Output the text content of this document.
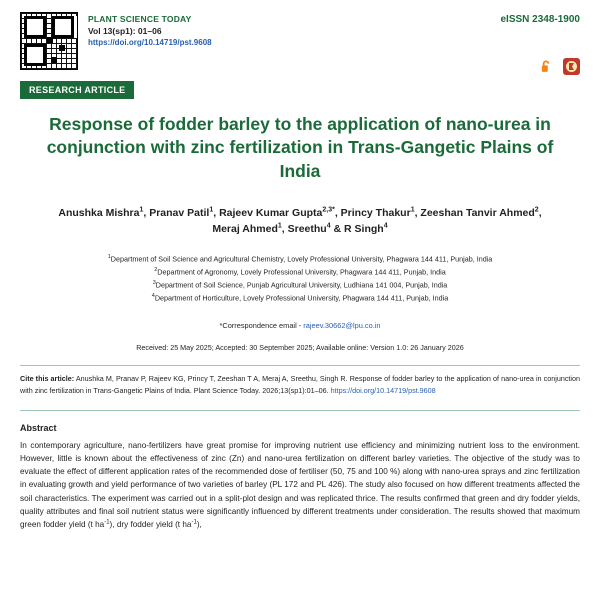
PLANT SCIENCE TODAY
Vol 13(sp1): 01–06
https://doi.org/10.14719/pst.9608
eISSN 2348-1900
RESEARCH ARTICLE
Response of fodder barley to the application of nano-urea in conjunction with zinc fertilization in Trans-Gangetic Plains of India
Anushka Mishra$^1$, Pranav Patil$^1$, Rajeev Kumar Gupta$^{2,3*}$, Princy Thakur$^1$, Zeeshan Tanvir Ahmed$^2$, Meraj Ahmed$^1$, Sreethu$^4$ & R Singh$^4$
$^1$Department of Soil Science and Agricultural Chemistry, Lovely Professional University, Phagwara 144 411, Punjab, India
$^2$Department of Agronomy, Lovely Professional University, Phagwara 144 411, Punjab, India
$^3$Department of Soil Science, Punjab Agricultural University, Ludhiana 141 004, Punjab, India
$^4$Department of Horticulture, Lovely Professional University, Phagwara 144 411, Punjab, India
*Correspondence email - rajeev.30662@lpu.co.in
Received: 25 May 2025; Accepted: 30 September 2025; Available online: Version 1.0: 26 January 2026
Cite this article: Anushka M, Pranav P, Rajeev KG, Princy T, Zeeshan T A, Meraj A, Sreethu, Singh R. Response of fodder barley to the application of nano-urea in conjunction with zinc fertilization in Trans-Gangetic Plains of India. Plant Science Today. 2026;13(sp1):01–06. https://doi.org/10.14719/pst.9608
Abstract
In contemporary agriculture, nano-fertilizers have great promise for improving nutrient use efficiency and minimizing nutrient loss to the environment. However, little is known about the effectiveness of zinc (Zn) and nano-urea fertilization on different barley varieties. The objective of the study was to evaluate the effect of different application rates of the recommended dose of fertiliser (50, 75 and 100 %) along with nano-urea sprays and zinc fertilization in evaluating growth and yield performance of two varieties of barley (PL 172 and PL 426). The study also focused on how different treatments affected the soil characteristics. The experiment was carried out in a split-plot design and was replicated thrice. The results confirmed that green and dry fodder yields, quality attributes and final soil nutrient status were significantly influenced by different treatments under consideration. The results showed that maximum green fodder yield (t $ha^{-1}$), dry fodder yield (t $ha^{-1}$),
